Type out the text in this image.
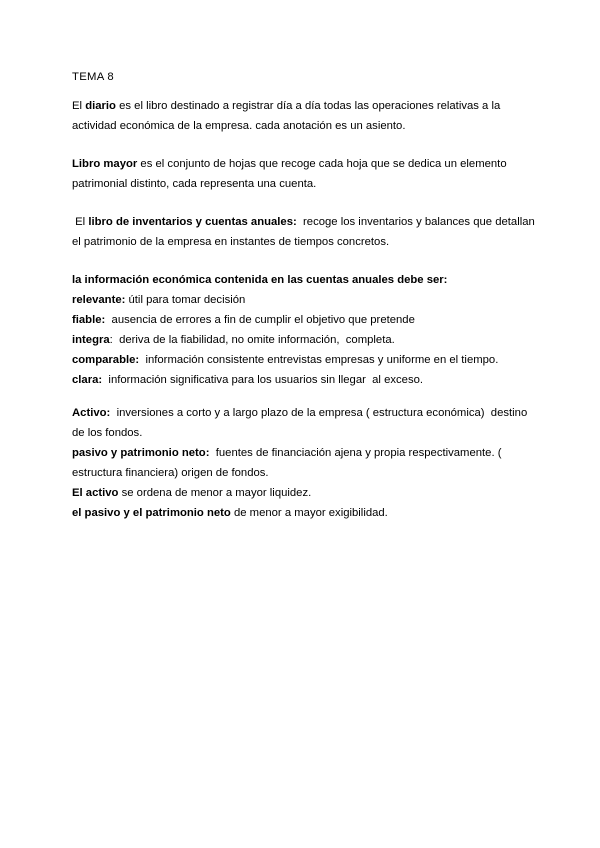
TEMA 8
El diario es el libro destinado a registrar día a día todas las operaciones relativas a la
actividad económica de la empresa. cada anotación es un asiento.
Libro mayor es el conjunto de hojas que recoge cada hoja que se dedica un elemento
patrimonial distinto, cada representa una cuenta.
El libro de inventarios y cuentas anuales:  recoge los inventarios y balances que detallan
el patrimonio de la empresa en instantes de tiempos concretos.
la información económica contenida en las cuentas anuales debe ser:
relevante: útil para tomar decisión
fiable:  ausencia de errores a fin de cumplir el objetivo que pretende
integra:  deriva de la fiabilidad, no omite información,  completa.
comparable:  información consistente entrevistas empresas y uniforme en el tiempo.
clara:  información significativa para los usuarios sin llegar  al exceso.
Activo:  inversiones a corto y a largo plazo de la empresa ( estructura económica)  destino
de los fondos.
pasivo y patrimonio neto:  fuentes de financiación ajena y propia respectivamente. (
estructura financiera) origen de fondos.
El activo se ordena de menor a mayor liquidez.
el pasivo y el patrimonio neto de menor a mayor exigibilidad.
